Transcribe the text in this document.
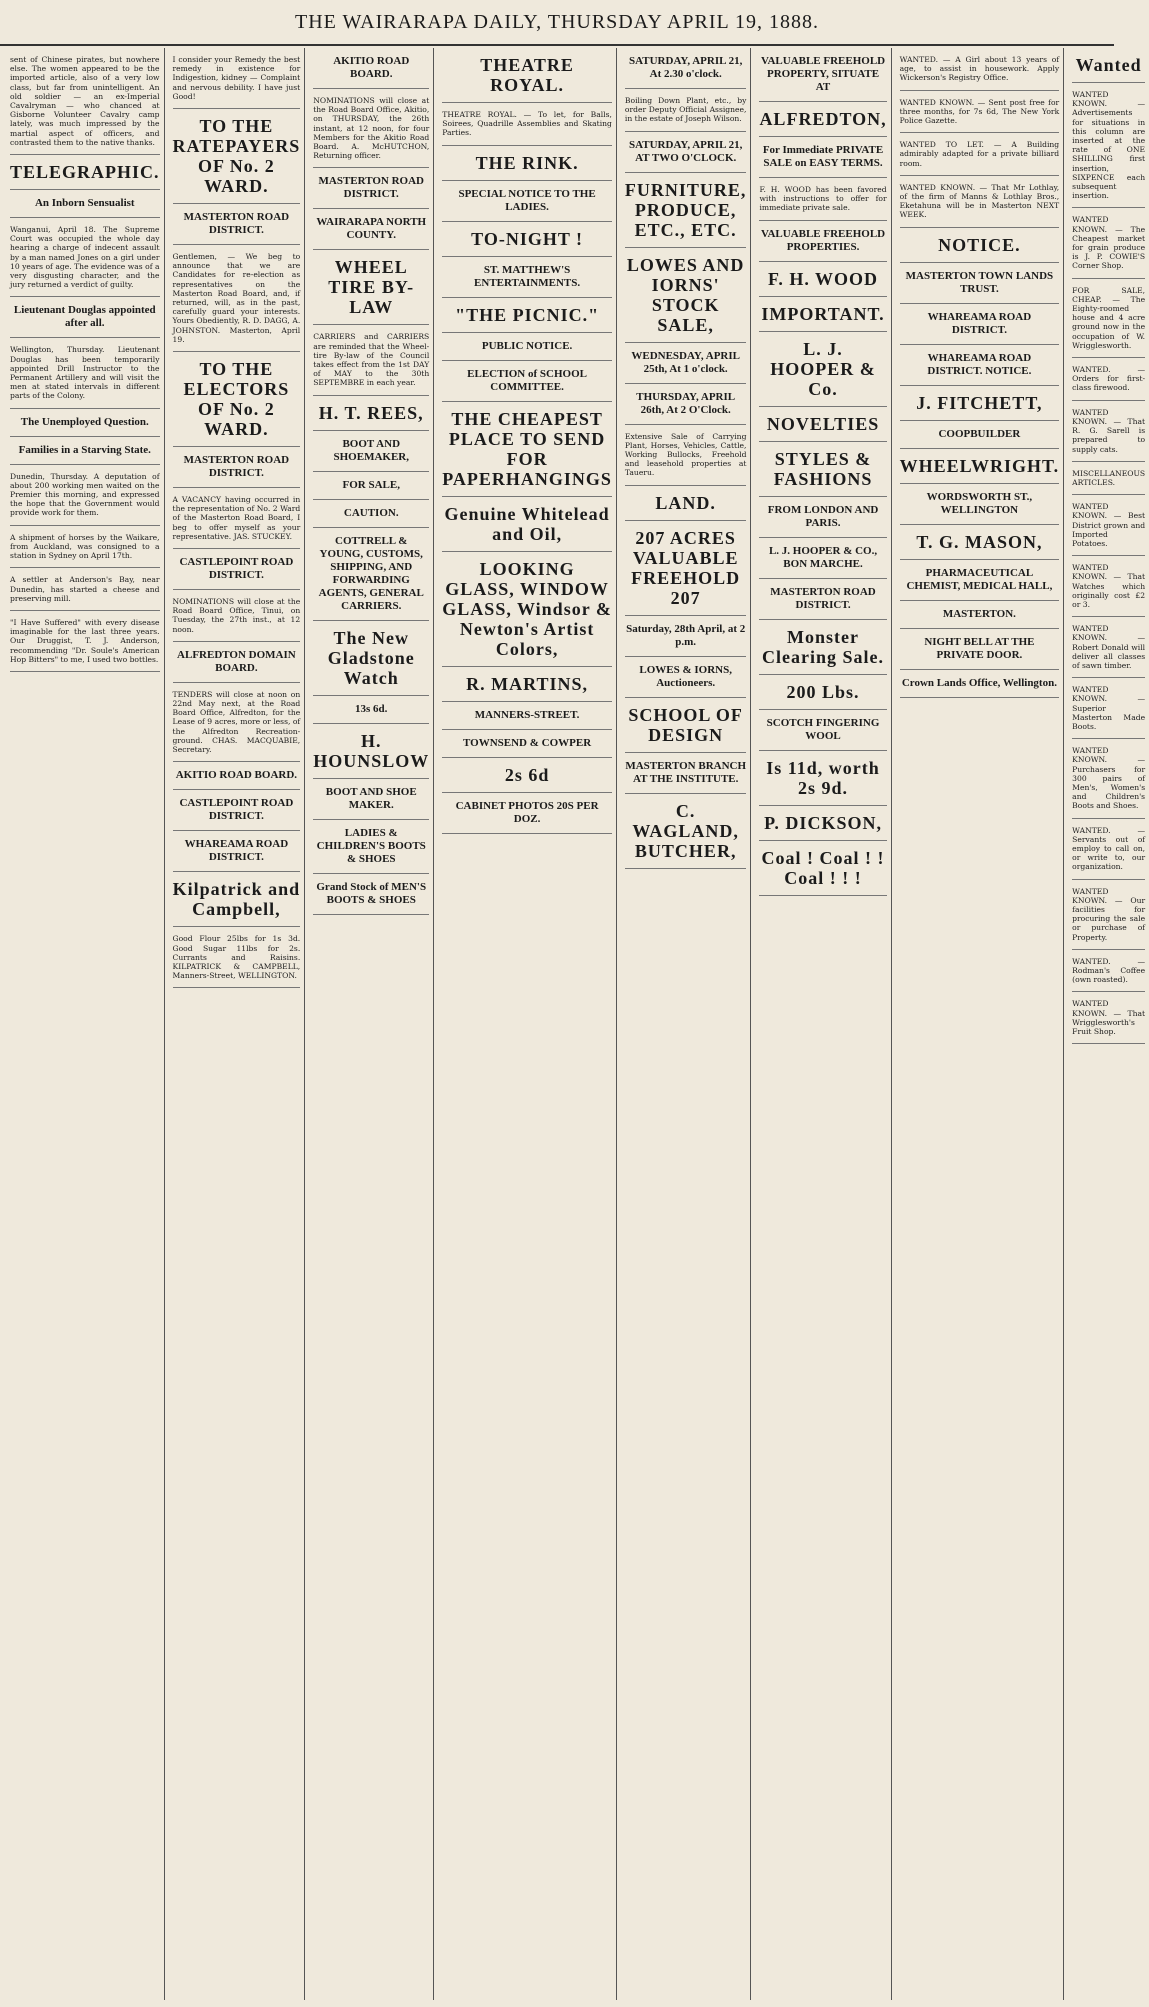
THE WAIRARAPA DAILY, THURSDAY APRIL 19, 1888.

sent of Chinese pirates, but nowhere else. The women appeared to be the imported article, also of a very low class, but far from unintelligent. An old soldier — an ex-Imperial Cavalryman — who chanced at Gisborne Volunteer Cavalry camp lately, was much impressed by the martial aspect of officers, and contrasted them to the native thanks.

TELEGRAPHIC.
An Inborn Sensualist

Wanganui, April 18. The Supreme Court was occupied the whole day hearing a charge of indecent assault by a man named Jones on a girl under 10 years of age. The evidence was of a very disgusting character, and the jury returned a verdict of guilty.

Lieutenant Douglas appointed after all.

Wellington, Thursday. Lieutenant Douglas has been temporarily appointed Drill Instructor to the Permanent Artillery and will visit the men at stated intervals in different parts of the Colony.

The Unemployed Question.
Families in a Starving State.

Dunedin, Thursday. A deputation of about 200 working men waited on the Premier this morning, and expressed the hope that the Government would provide work for them.

A shipment of horses by the Waikare, from Auckland, was consigned to a station in Sydney on April 17th.

A settler at Anderson's Bay, near Dunedin, has started a cheese and preserving mill.

"I Have Suffered" with every disease imaginable for the last three years. Our Druggist, T. J. Anderson, recommending "Dr. Soule's American Hop Bitters" to me, I used two bottles.

I consider your Remedy the best remedy in existence for Indigestion, kidney — Complaint and nervous debility. I have just Good!

TO THE RATEPAYERS OF No. 2 WARD.
MASTERTON ROAD DISTRICT.

Gentlemen, — We beg to announce that we are Candidates for re-election as representatives on the Masterton Road Board, and, if returned, will, as in the past, carefully guard your interests. Yours Obediently, R. D. DAGG, A. JOHNSTON. Masterton, April 19.

TO THE ELECTORS OF No. 2 WARD.
MASTERTON ROAD DISTRICT.

A VACANCY having occurred in the representation of No. 2 Ward of the Masterton Road Board, I beg to offer myself as your representative. JAS. STUCKEY.

CASTLEPOINT ROAD DISTRICT.

NOMINATIONS will close at the Road Board Office, Tinui, on Tuesday, the 27th inst., at 12 noon.

ALFREDTON DOMAIN BOARD.

TENDERS will close at noon on 22nd May next, at the Road Board Office, Alfredton, for the Lease of 9 acres, more or less, of the Alfredton Recreation-ground. CHAS. MACQUABIE, Secretary.

AKITIO ROAD BOARD.
CASTLEPOINT ROAD DISTRICT.
WHAREAMA ROAD DISTRICT.
Kilpatrick and Campbell,

Good Flour 25lbs for 1s 3d. Good Sugar 11lbs for 2s. Currants and Raisins. KILPATRICK & CAMPBELL, Manners-Street, WELLINGTON.

AKITIO ROAD BOARD.

NOMINATIONS will close at the Road Board Office, Akitio, on THURSDAY, the 26th instant, at 12 noon, for four Members for the Akitio Road Board. A. McHUTCHON, Returning officer.

MASTERTON ROAD DISTRICT.
WAIRARAPA NORTH COUNTY.
WHEEL TIRE BY-LAW

CARRIERS and CARRIERS are reminded that the Wheel-tire By-law of the Council takes effect from the 1st DAY of MAY to the 30th SEPTEMBRE in each year.

H. T. REES,
BOOT AND SHOEMAKER,
FOR SALE,
CAUTION.
COTTRELL & YOUNG, CUSTOMS, SHIPPING, AND FORWARDING AGENTS, GENERAL CARRIERS.
The New Gladstone Watch
13s 6d.
H. HOUNSLOW
BOOT AND SHOE MAKER.
LADIES & CHILDREN'S BOOTS & SHOES
Grand Stock of MEN'S BOOTS & SHOES
THEATRE ROYAL.

THEATRE ROYAL. — To let, for Balls, Soirees, Quadrille Assemblies and Skating Parties.

THE RINK.
SPECIAL NOTICE TO THE LADIES.
TO-NIGHT !
ST. MATTHEW'S ENTERTAINMENTS.
"THE PICNIC."
PUBLIC NOTICE.
ELECTION of SCHOOL COMMITTEE.
THE CHEAPEST PLACE TO SEND FOR PAPERHANGINGS
Genuine Whitelead and Oil,
LOOKING GLASS, WINDOW GLASS, Windsor & Newton's Artist Colors,
R. MARTINS,
MANNERS-STREET.
TOWNSEND & COWPER
2s 6d
CABINET PHOTOS 20S PER DOZ.
SATURDAY, APRIL 21, At 2.30 o'clock.

Boiling Down Plant, etc., by order Deputy Official Assignee, in the estate of Joseph Wilson.

SATURDAY, APRIL 21, AT TWO O'CLOCK.
FURNITURE, PRODUCE, ETC., ETC.
LOWES AND IORNS' STOCK SALE,
WEDNESDAY, APRIL 25th, At 1 o'clock.
THURSDAY, APRIL 26th, At 2 O'Clock.

Extensive Sale of Carrying Plant, Horses, Vehicles, Cattle, Working Bullocks, Freehold and leasehold properties at Taueru.

LAND.
207 ACRES VALUABLE FREEHOLD 207
Saturday, 28th April, at 2 p.m.
LOWES & IORNS, Auctioneers.
SCHOOL OF DESIGN
MASTERTON BRANCH AT THE INSTITUTE.
C. WAGLAND, BUTCHER,
VALUABLE FREEHOLD PROPERTY, SITUATE AT
ALFREDTON,
For Immediate PRIVATE SALE on EASY TERMS.

F. H. WOOD has been favored with instructions to offer for immediate private sale.

VALUABLE FREEHOLD PROPERTIES.
F. H. WOOD
IMPORTANT.
L. J. HOOPER & Co.
NOVELTIES
STYLES & FASHIONS
FROM LONDON AND PARIS.
L. J. HOOPER & CO., BON MARCHE.
MASTERTON ROAD DISTRICT.
Monster Clearing Sale.
200 Lbs.
SCOTCH FINGERING WOOL
Is 11d, worth 2s 9d.
P. DICKSON,
Coal ! Coal ! ! Coal ! ! !

WANTED. — A Girl about 13 years of age, to assist in housework. Apply Wickerson's Registry Office.

WANTED KNOWN. — Sent post free for three months, for 7s 6d, The New York Police Gazette.

WANTED TO LET. — A Building admirably adapted for a private billiard room.

WANTED KNOWN. — That Mr Lothlay, of the firm of Manns & Lothlay Bros., Eketahuna will be in Masterton NEXT WEEK.

NOTICE.
MASTERTON TOWN LANDS TRUST.
WHAREAMA ROAD DISTRICT.
WHAREAMA ROAD DISTRICT. NOTICE.
J. FITCHETT,
COOPBUILDER
WHEELWRIGHT.
WORDSWORTH ST., WELLINGTON
T. G. MASON,
PHARMACEUTICAL CHEMIST, MEDICAL HALL,
MASTERTON.
NIGHT BELL AT THE PRIVATE DOOR.
Crown Lands Office, Wellington.
Wanted

WANTED KNOWN. — Advertisements for situations in this column are inserted at the rate of ONE SHILLING first insertion, SIXPENCE each subsequent insertion.

WANTED KNOWN. — The Cheapest market for grain produce is J. P. COWIE'S Corner Shop.

FOR SALE, CHEAP. — The Eighty-roomed house and 4 acre ground now in the occupation of W. Wrigglesworth.

WANTED. — Orders for first-class firewood.

WANTED KNOWN. — That R. G. Sarell is prepared to supply cats.

MISCELLANEOUS ARTICLES.

WANTED KNOWN. — Best District grown and Imported Potatoes.

WANTED KNOWN. — That Watches which originally cost £2 or 3.

WANTED KNOWN. — Robert Donald will deliver all classes of sawn timber.

WANTED KNOWN. — Superior Masterton Made Boots.

WANTED KNOWN. — Purchasers for 300 pairs of Men's, Women's and Children's Boots and Shoes.

WANTED. — Servants out of employ to call on, or write to, our organization.

WANTED KNOWN. — Our facilities for procuring the sale or purchase of Property.

WANTED. — Rodman's Coffee (own roasted).

WANTED KNOWN. — That Wrigglesworth's Fruit Shop.
